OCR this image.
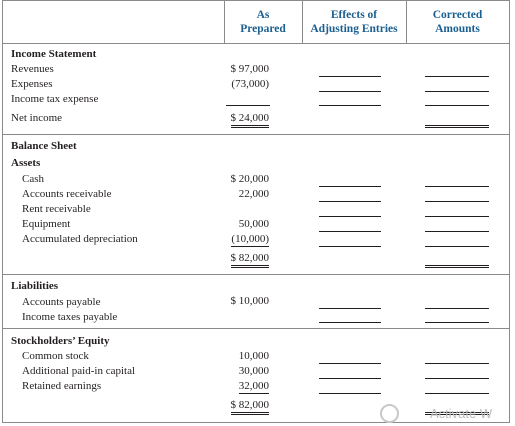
As
Prepared
Effects of
Adjusting Entries
Corrected
Amounts
Income Statement
Revenues	$ 97,000
Expenses	(73,000)
Income tax expense
Net income	$ 24,000
Balance Sheet
Assets
Cash	$ 20,000
Accounts receivable	22,000
Rent receivable
Equipment	50,000
Accumulated depreciation	(10,000)
$ 82,000
Liabilities
Accounts payable	$ 10,000
Income taxes payable
Stockholders’ Equity
Common stock	10,000
Additional paid-in capital	30,000
Retained earnings	32,000
$ 82,000
Activate W
